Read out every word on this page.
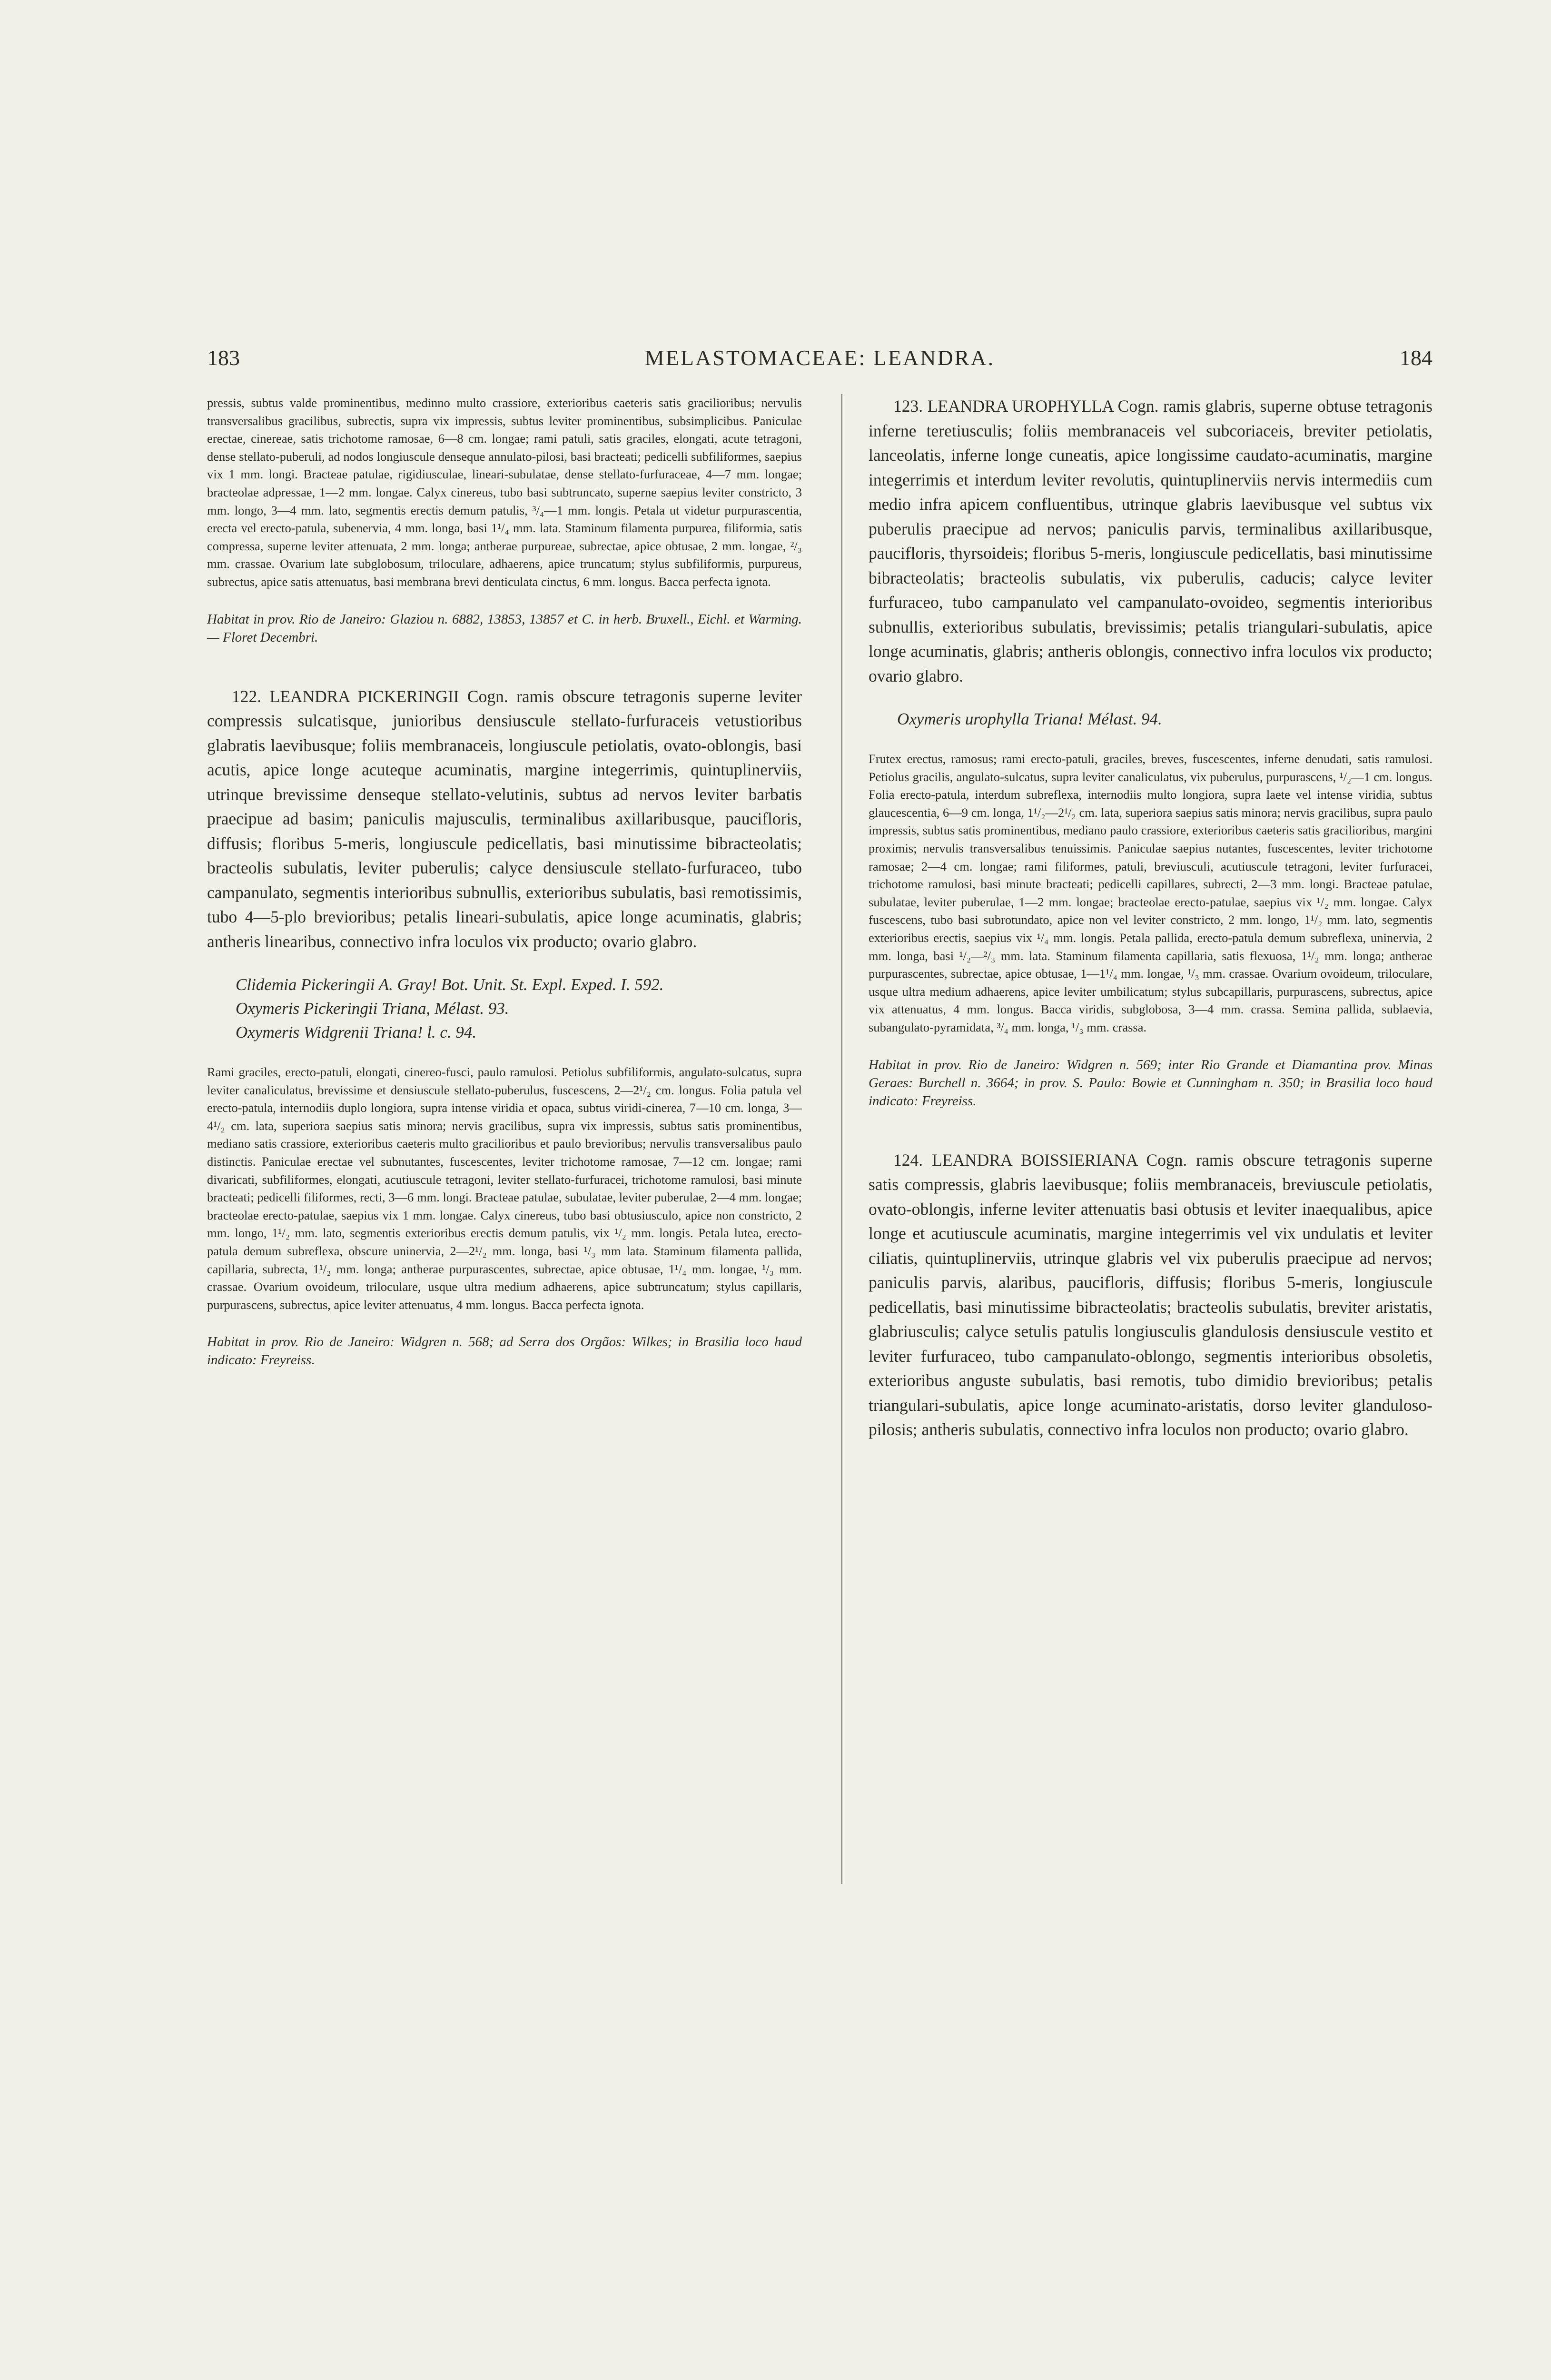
183	MELASTOMACEAE: LEANDRA.	184

pressis, subtus valde prominentibus, medinno multo crassiore, exterioribus caeteris satis gracilioribus; nervulis transversalibus gracilibus, subrectis, supra vix impressis, subtus leviter prominentibus, subsimplicibus. Paniculae erectae, cinereae, satis trichotome ramosae, 6—8 cm. longae; rami patuli, satis graciles, elongati, acute tetragoni, dense stellato-puberuli, ad nodos longiuscule denseque annulato-pilosi, basi bracteati; pedicelli subfiliformes, saepius vix 1 mm. longi. Bracteae patulae, rigidiusculae, lineari-subulatae, dense stellato-furfuraceae, 4—7 mm. longae; bracteolae adpressae, 1—2 mm. longae. Calyx cinereus, tubo basi subtruncato, superne saepius leviter constricto, 3 mm. longo, 3—4 mm. lato, segmentis erectis demum patulis, ³/₄—1 mm. longis. Petala ut videtur purpurascentia, erecta vel erecto-patula, subenervia, 4 mm. longa, basi 1¹/₄ mm. lata. Staminum filamenta purpurea, filiformia, satis compressa, superne leviter attenuata, 2 mm. longa; antherae purpureae, subrectae, apice obtusae, 2 mm. longae, ²/₃ mm. crassae. Ovarium late subglobosum, triloculare, adhaerens, apice truncatum; stylus subfiliformis, purpureus, subrectus, apice satis attenuatus, basi membrana brevi denticulata cinctus, 6 mm. longus. Bacca perfecta ignota.

Habitat in prov. Rio de Janeiro: Glaziou n. 6882, 13853, 13857 et C. in herb. Bruxell., Eichl. et Warming. — Floret Decembri.

122. LEANDRA PICKERINGII Cogn. ramis obscure tetragonis superne leviter compressis sulcatisque, junioribus densiuscule stellato-furfuraceis vetustioribus glabratis laevibusque; foliis membranaceis, longiuscule petiolatis, ovato-oblongis, basi acutis, apice longe acuteque acuminatis, margine integerrimis, quintuplinerviis, utrinque brevissime denseque stellato-velutinis, subtus ad nervos leviter barbatis praecipue ad basim; paniculis majusculis, terminalibus axillaribusque, paucifloris, diffusis; floribus 5-meris, longiuscule pedicellatis, basi minutissime bibracteolatis; bracteolis subulatis, leviter puberulis; calyce densiuscule stellato-furfuraceo, tubo campanulato, segmentis interioribus subnullis, exterioribus subulatis, basi remotissimis, tubo 4—5-plo brevioribus; petalis lineari-subulatis, apice longe acuminatis, glabris; antheris linearibus, connectivo infra loculos vix producto; ovario glabro.

Clidemia Pickeringii A. Gray! Bot. Unit. St. Expl. Exped. I. 592.

Oxymeris Pickeringii Triana, Mélast. 93.

Oxymeris Widgrenii Triana! l. c. 94.

Rami graciles, erecto-patuli, elongati, cinereo-fusci, paulo ramulosi. Petiolus subfiliformis, angulato-sulcatus, supra leviter canaliculatus, brevissime et densiuscule stellato-puberulus, fuscescens, 2—2¹/₂ cm. longus. Folia patula vel erecto-patula, internodiis duplo longiora, supra intense viridia et opaca, subtus viridi-cinerea, 7—10 cm. longa, 3—4¹/₂ cm. lata, superiora saepius satis minora; nervis gracilibus, supra vix impressis, subtus satis prominentibus, mediano satis crassiore, exterioribus caeteris multo gracilioribus et paulo brevioribus; nervulis transversalibus paulo distinctis. Paniculae erectae vel subnutantes, fuscescentes, leviter trichotome ramosae, 7—12 cm. longae; rami divaricati, subfiliformes, elongati, acutiuscule tetragoni, leviter stellato-furfuracei, trichotome ramulosi, basi minute bracteati; pedicelli filiformes, recti, 3—6 mm. longi. Bracteae patulae, subulatae, leviter puberulae, 2—4 mm. longae; bracteolae erecto-patulae, saepius vix 1 mm. longae. Calyx cinereus, tubo basi obtusiusculo, apice non constricto, 2 mm. longo, 1¹/₂ mm. lato, segmentis exterioribus erectis demum patulis, vix ¹/₂ mm. longis. Petala lutea, erecto-patula demum subreflexa, obscure uninervia, 2—2¹/₂ mm. longa, basi ¹/₃ mm lata. Staminum filamenta pallida, capillaria, subrecta, 1¹/₂ mm. longa; antherae purpurascentes, subrectae, apice obtusae, 1¹/₄ mm. longae, ¹/₃ mm. crassae. Ovarium ovoideum, triloculare, usque ultra medium adhaerens, apice subtruncatum; stylus capillaris, purpurascens, subrectus, apice leviter attenuatus, 4 mm. longus. Bacca perfecta ignota.

Habitat in prov. Rio de Janeiro: Widgren n. 568; ad Serra dos Orgãos: Wilkes; in Brasilia loco haud indicato: Freyreiss.

123. LEANDRA UROPHYLLA Cogn. ramis glabris, superne obtuse tetragonis inferne teretiusculis; foliis membranaceis vel subcoriaceis, breviter petiolatis, lanceolatis, inferne longe cuneatis, apice longissime caudato-acuminatis, margine integerrimis et interdum leviter revolutis, quintuplinerviis nervis intermediis cum medio infra apicem confluentibus, utrinque glabris laevibusque vel subtus vix puberulis praecipue ad nervos; paniculis parvis, terminalibus axillaribusque, paucifloris, thyrsoideis; floribus 5-meris, longiuscule pedicellatis, basi minutissime bibracteolatis; bracteolis subulatis, vix puberulis, caducis; calyce leviter furfuraceo, tubo campanulato vel campanulato-ovoideo, segmentis interioribus subnullis, exterioribus subulatis, brevissimis; petalis triangulari-subulatis, apice longe acuminatis, glabris; antheris oblongis, connectivo infra loculos vix producto; ovario glabro.

Oxymeris urophylla Triana! Mélast. 94.

Frutex erectus, ramosus; rami erecto-patuli, graciles, breves, fuscescentes, inferne denudati, satis ramulosi. Petiolus gracilis, angulato-sulcatus, supra leviter canaliculatus, vix puberulus, purpurascens, ¹/₂—1 cm. longus. Folia erecto-patula, interdum subreflexa, internodiis multo longiora, supra laete vel intense viridia, subtus glaucescentia, 6—9 cm. longa, 1¹/₂—2¹/₂ cm. lata, superiora saepius satis minora; nervis gracilibus, supra paulo impressis, subtus satis prominentibus, mediano paulo crassiore, exterioribus caeteris satis gracilioribus, margini proximis; nervulis transversalibus tenuissimis. Paniculae saepius nutantes, fuscescentes, leviter trichotome ramosae; 2—4 cm. longae; rami filiformes, patuli, breviusculi, acutiuscule tetragoni, leviter furfuracei, trichotome ramulosi, basi minute bracteati; pedicelli capillares, subrecti, 2—3 mm. longi. Bracteae patulae, subulatae, leviter puberulae, 1—2 mm. longae; bracteolae erecto-patulae, saepius vix ¹/₂ mm. longae. Calyx fuscescens, tubo basi subrotundato, apice non vel leviter constricto, 2 mm. longo, 1¹/₂ mm. lato, segmentis exterioribus erectis, saepius vix ¹/₄ mm. longis. Petala pallida, erecto-patula demum subreflexa, uninervia, 2 mm. longa, basi ¹/₂—²/₃ mm. lata. Staminum filamenta capillaria, satis flexuosa, 1¹/₂ mm. longa; antherae purpurascentes, subrectae, apice obtusae, 1—1¹/₄ mm. longae, ¹/₃ mm. crassae. Ovarium ovoideum, triloculare, usque ultra medium adhaerens, apice leviter umbilicatum; stylus subcapillaris, purpurascens, subrectus, apice vix attenuatus, 4 mm. longus. Bacca viridis, subglobosa, 3—4 mm. crassa. Semina pallida, sublaevia, subangulato-pyramidata, ³/₄ mm. longa, ¹/₃ mm. crassa.

Habitat in prov. Rio de Janeiro: Widgren n. 569; inter Rio Grande et Diamantina prov. Minas Geraes: Burchell n. 3664; in prov. S. Paulo: Bowie et Cunningham n. 350; in Brasilia loco haud indicato: Freyreiss.

124. LEANDRA BOISSIERIANA Cogn. ramis obscure tetragonis superne satis compressis, glabris laevibusque; foliis membranaceis, breviuscule petiolatis, ovato-oblongis, inferne leviter attenuatis basi obtusis et leviter inaequalibus, apice longe et acutiuscule acuminatis, margine integerrimis vel vix undulatis et leviter ciliatis, quintuplinerviis, utrinque glabris vel vix puberulis praecipue ad nervos; paniculis parvis, alaribus, paucifloris, diffusis; floribus 5-meris, longiuscule pedicellatis, basi minutissime bibracteolatis; bracteolis subulatis, breviter aristatis, glabriusculis; calyce setulis patulis longiusculis glandulosis densiuscule vestito et leviter furfuraceo, tubo campanulato-oblongo, segmentis interioribus obsoletis, exterioribus anguste subulatis, basi remotis, tubo dimidio brevioribus; petalis triangulari-subulatis, apice longe acuminato-aristatis, dorso leviter glanduloso-pilosis; antheris subulatis, connectivo infra loculos non producto; ovario glabro.
